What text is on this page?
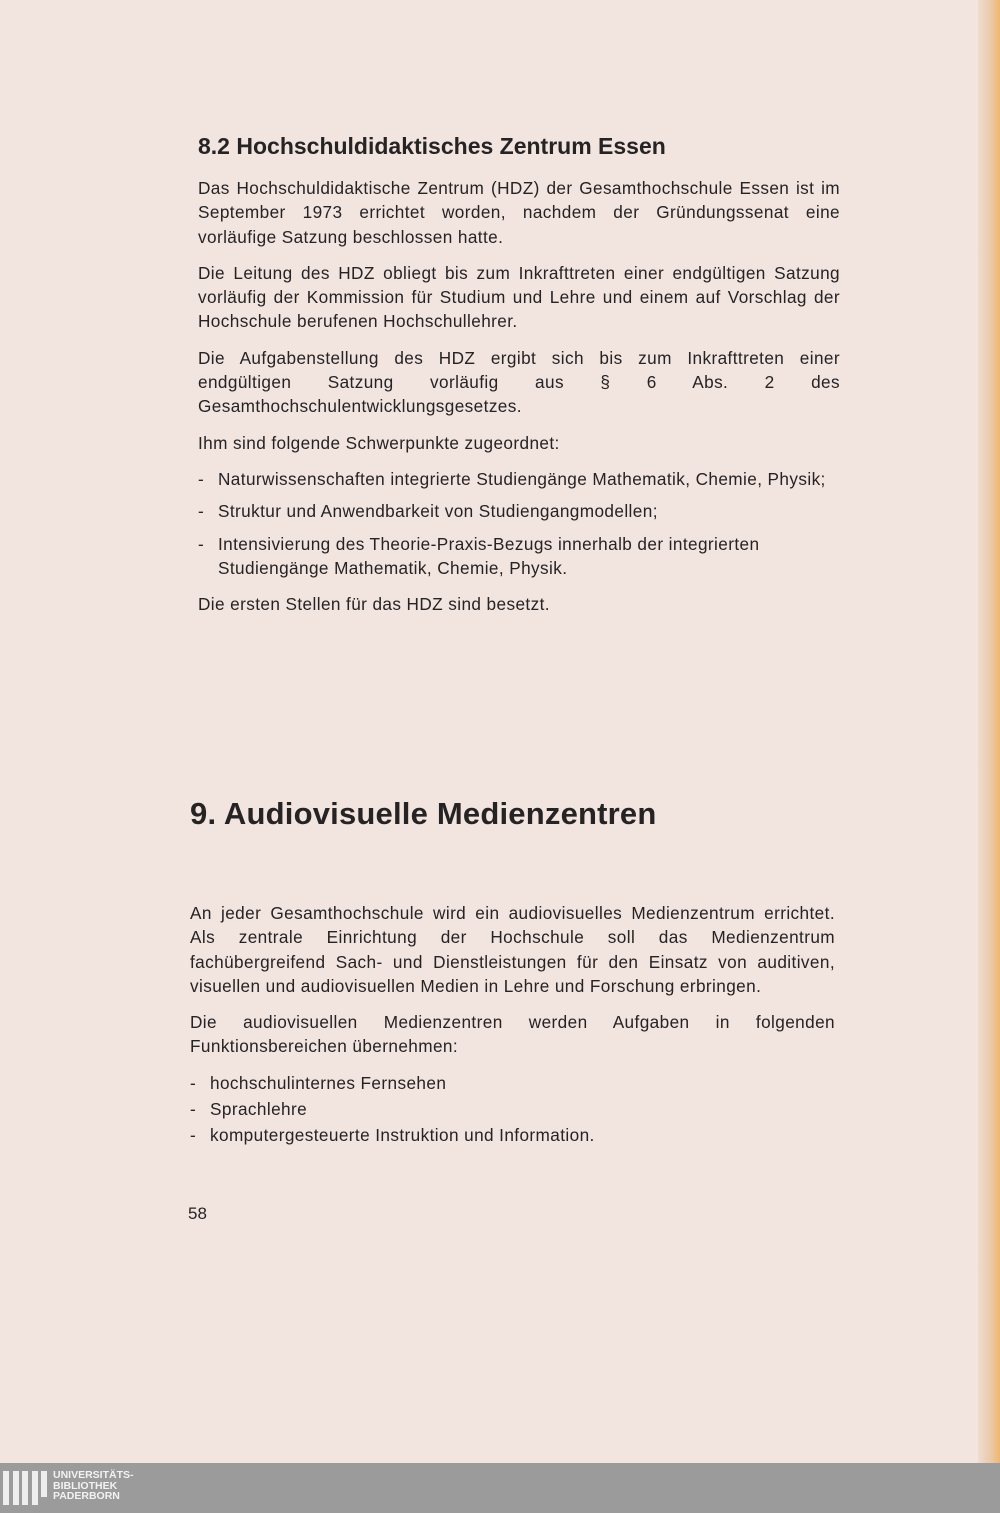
8.2 Hochschuldidaktisches Zentrum Essen

Das Hochschuldidaktische Zentrum (HDZ) der Gesamthochschule Essen ist im September 1973 errichtet worden, nachdem der Gründungssenat eine vorläufige Satzung beschlossen hatte.

Die Leitung des HDZ obliegt bis zum Inkrafttreten einer endgültigen Satzung vorläufig der Kommission für Studium und Lehre und einem auf Vorschlag der Hochschule berufenen Hochschullehrer.

Die Aufgabenstellung des HDZ ergibt sich bis zum Inkrafttreten einer endgültigen Satzung vorläufig aus § 6 Abs. 2 des Gesamthochschulentwicklungsgesetzes.

Ihm sind folgende Schwerpunkte zugeordnet:

- Naturwissenschaften integrierte Studiengänge Mathematik, Chemie, Physik;
- Struktur und Anwendbarkeit von Studiengangmodellen;
- Intensivierung des Theorie-Praxis-Bezugs innerhalb der integrierten Studiengänge Mathematik, Chemie, Physik.

Die ersten Stellen für das HDZ sind besetzt.

9. Audiovisuelle Medienzentren

An jeder Gesamthochschule wird ein audiovisuelles Medienzentrum errichtet. Als zentrale Einrichtung der Hochschule soll das Medienzentrum fachübergreifend Sach- und Dienstleistungen für den Einsatz von auditiven, visuellen und audiovisuellen Medien in Lehre und Forschung erbringen.

Die audiovisuellen Medienzentren werden Aufgaben in folgenden Funktionsbereichen übernehmen:

- hochschulinternes Fernsehen
- Sprachlehre
- komputergesteuerte Instruktion und Information.
58
UNIVERSITÄTS-
BIBLIOTHEK
PADERBORN
